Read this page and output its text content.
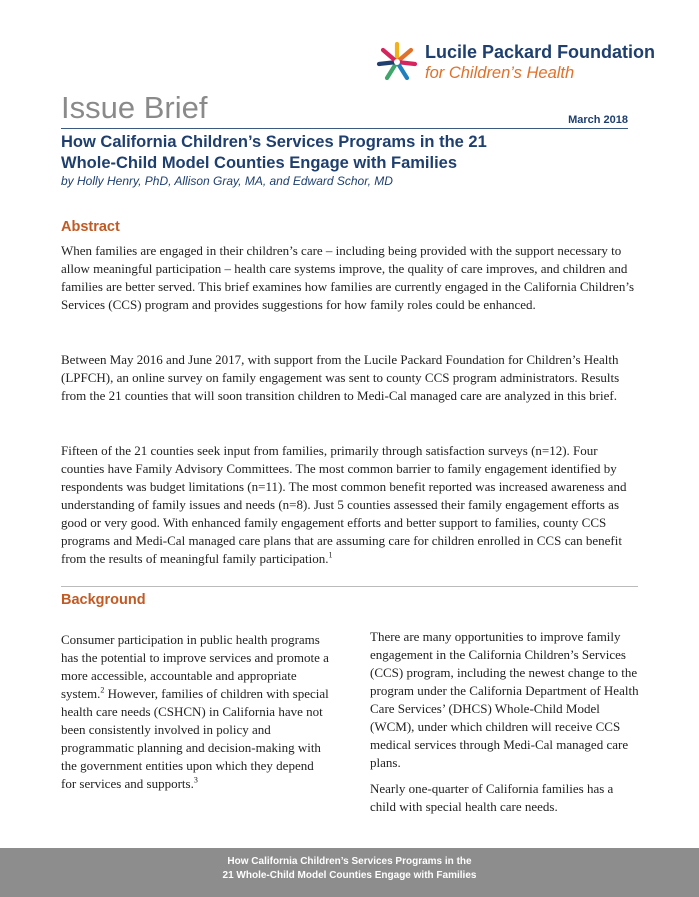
Lucile Packard Foundation
for Children’s Health
Issue Brief	March 2018
How California Children’s Services Programs in the 21
Whole-Child Model Counties Engage with Families
by Holly Henry, PhD, Allison Gray, MA, and Edward Schor, MD
Abstract

When families are engaged in their children’s care – including being provided with the support necessary to allow meaningful participation – health care systems improve, the quality of care improves, and children and families are better served. This brief examines how families are currently engaged in the California Children’s Services (CCS) program and provides suggestions for how family roles could be enhanced.

Between May 2016 and June 2017, with support from the Lucile Packard Foundation for Children’s Health (LPFCH), an online survey on family engagement was sent to county CCS program administrators. Results from the 21 counties that will soon transition children to Medi-Cal managed care are analyzed in this brief.

Fifteen of the 21 counties seek input from families, primarily through satisfaction surveys (n=12). Four counties have Family Advisory Committees. The most common barrier to family engagement identified by respondents was budget limitations (n=11). The most common benefit reported was increased awareness and understanding of family issues and needs (n=8). Just 5 counties assessed their family engagement efforts as good or very good. With enhanced family engagement efforts and better support to families, county CCS programs and Medi-Cal managed care plans that are assuming care for children enrolled in CCS can benefit from the results of meaningful family participation.$^1$

Background

Consumer participation in public health programs has the potential to improve services and promote a more accessible, accountable and appropriate system.$^2$ However, families of children with special health care needs (CSHCN) in California have not been consistently involved in policy and programmatic planning and decision-making with the government entities upon which they depend for services and supports.$^3$

There are many opportunities to improve family engagement in the California Children’s Services (CCS) program, including the newest change to the program under the California Department of Health Care Services’ (DHCS) Whole-Child Model (WCM), under which children will receive CCS medical services through Medi-Cal managed care plans.

Nearly one-quarter of California families has a child with special health care needs.

How California Children’s Services Programs in the
21 Whole-Child Model Counties Engage with Families
